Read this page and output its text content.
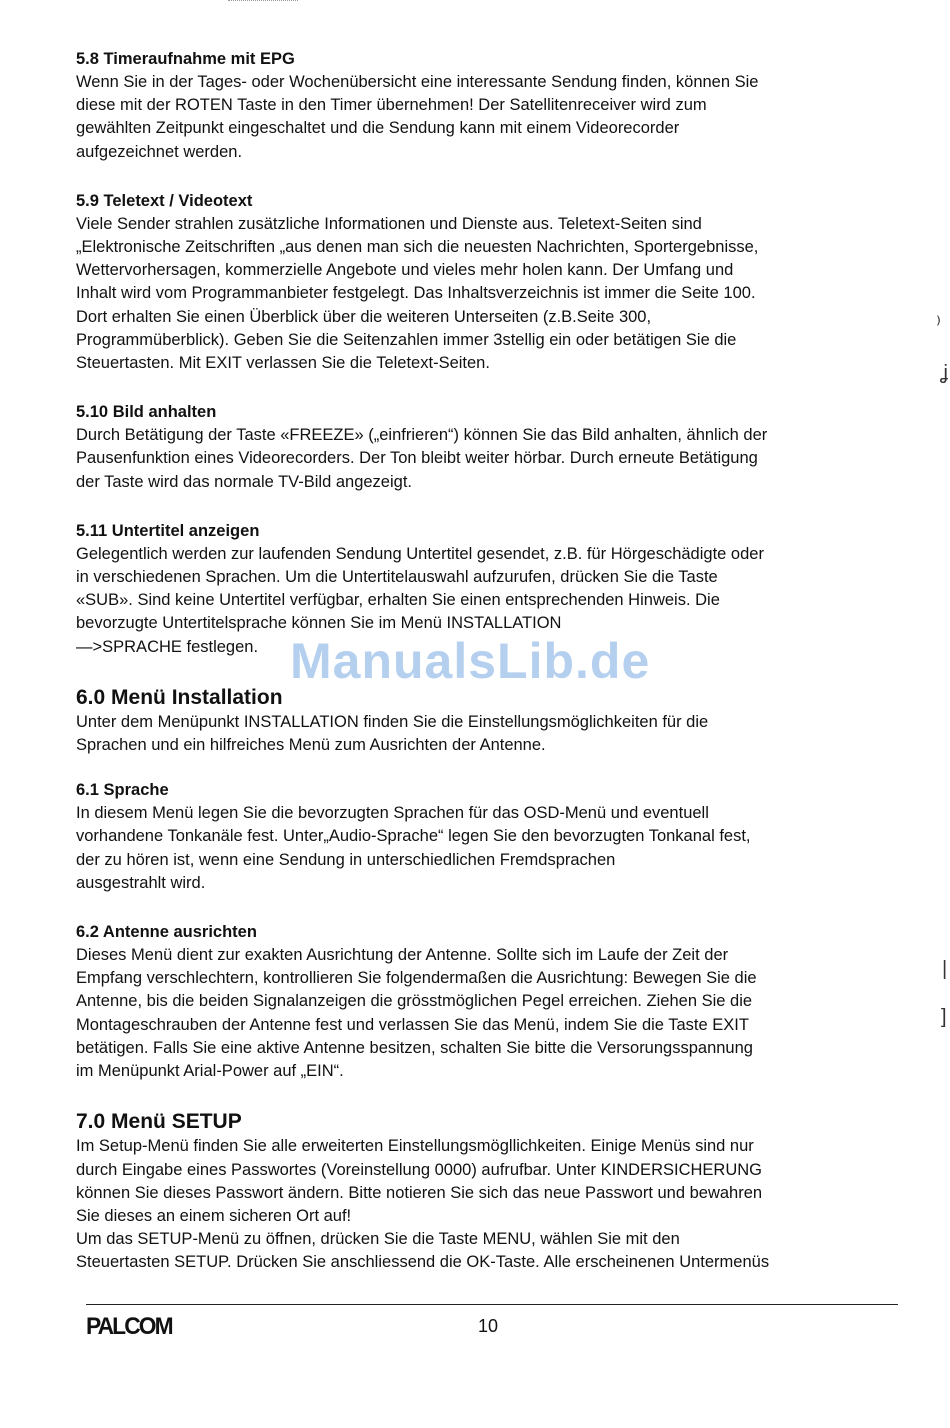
5.8 Timeraufnahme mit EPG
Wenn Sie in der Tages- oder Wochenübersicht eine interessante Sendung finden, können Sie
diese mit der ROTEN Taste in den Timer übernehmen! Der Satellitenreceiver wird zum
gewählten Zeitpunkt eingeschaltet und die Sendung kann mit einem Videorecorder
aufgezeichnet werden.
5.9 Teletext / Videotext
Viele Sender strahlen zusätzliche Informationen und Dienste aus. Teletext-Seiten sind
„Elektronische Zeitschriften „aus denen man sich die neuesten Nachrichten, Sportergebnisse,
Wettervorhersagen, kommerzielle Angebote und vieles mehr holen kann. Der Umfang und
Inhalt wird vom Programmanbieter festgelegt. Das Inhaltsverzeichnis ist immer die Seite 100.
Dort erhalten Sie einen Überblick über die weiteren Unterseiten (z.B.Seite 300,
Programmüberblick). Geben Sie die Seitenzahlen immer 3stellig ein oder betätigen Sie die
Steuertasten. Mit EXIT verlassen Sie die Teletext-Seiten.
5.10 Bild anhalten
Durch Betätigung der Taste «FREEZE» („einfrieren“) können Sie das Bild anhalten, ähnlich der
Pausenfunktion eines Videorecorders. Der Ton bleibt weiter hörbar. Durch erneute Betätigung
der Taste wird das normale TV-Bild angezeigt.
5.11 Untertitel anzeigen
Gelegentlich werden zur laufenden Sendung Untertitel gesendet, z.B. für Hörgeschädigte oder
in verschiedenen Sprachen. Um die Untertitelauswahl aufzurufen, drücken Sie die Taste
«SUB». Sind keine Untertitel verfügbar, erhalten Sie einen entsprechenden Hinweis. Die
bevorzugte Untertitelsprache können Sie im Menü INSTALLATION
—>SPRACHE festlegen.
6.0 Menü Installation
Unter dem Menüpunkt INSTALLATION finden Sie die Einstellungsmöglichkeiten für die
Sprachen und ein hilfreiches Menü zum Ausrichten der Antenne.
6.1 Sprache
In diesem Menü legen Sie die bevorzugten Sprachen für das OSD-Menü und eventuell
vorhandene Tonkanäle fest. Unter„Audio-Sprache“ legen Sie den bevorzugten Tonkanal fest,
der zu hören ist, wenn eine Sendung in unterschiedlichen Fremdsprachen
ausgestrahlt wird.
6.2 Antenne ausrichten
Dieses Menü dient zur exakten Ausrichtung der Antenne. Sollte sich im Laufe der Zeit der
Empfang verschlechtern, kontrollieren Sie folgendermaßen die Ausrichtung: Bewegen Sie die
Antenne, bis die beiden Signalanzeigen die grösstmöglichen Pegel erreichen. Ziehen Sie die
Montageschrauben der Antenne fest und verlassen Sie das Menü, indem Sie die Taste EXIT
betätigen. Falls Sie eine aktive Antenne besitzen, schalten Sie bitte die Versorungsspannung
im Menüpunkt Arial-Power auf „EIN“.
7.0 Menü SETUP
Im Setup-Menü finden Sie alle erweiterten Einstellungsmögllichkeiten. Einige Menüs sind nur
durch Eingabe eines Passwortes (Voreinstellung 0000) aufrufbar. Unter KINDERSICHERUNG
können Sie dieses Passwort ändern. Bitte notieren Sie sich das neue Passwort und bewahren
Sie dieses an einem sicheren Ort auf!
Um das SETUP-Menü zu öffnen, drücken Sie die Taste MENU, wählen Sie mit den
Steuertasten SETUP. Drücken Sie anschliessend die OK-Taste. Alle erscheinenen Untermenüs
ManualsLib.de
⁾
ʝ
|
]
PALCOM	10
